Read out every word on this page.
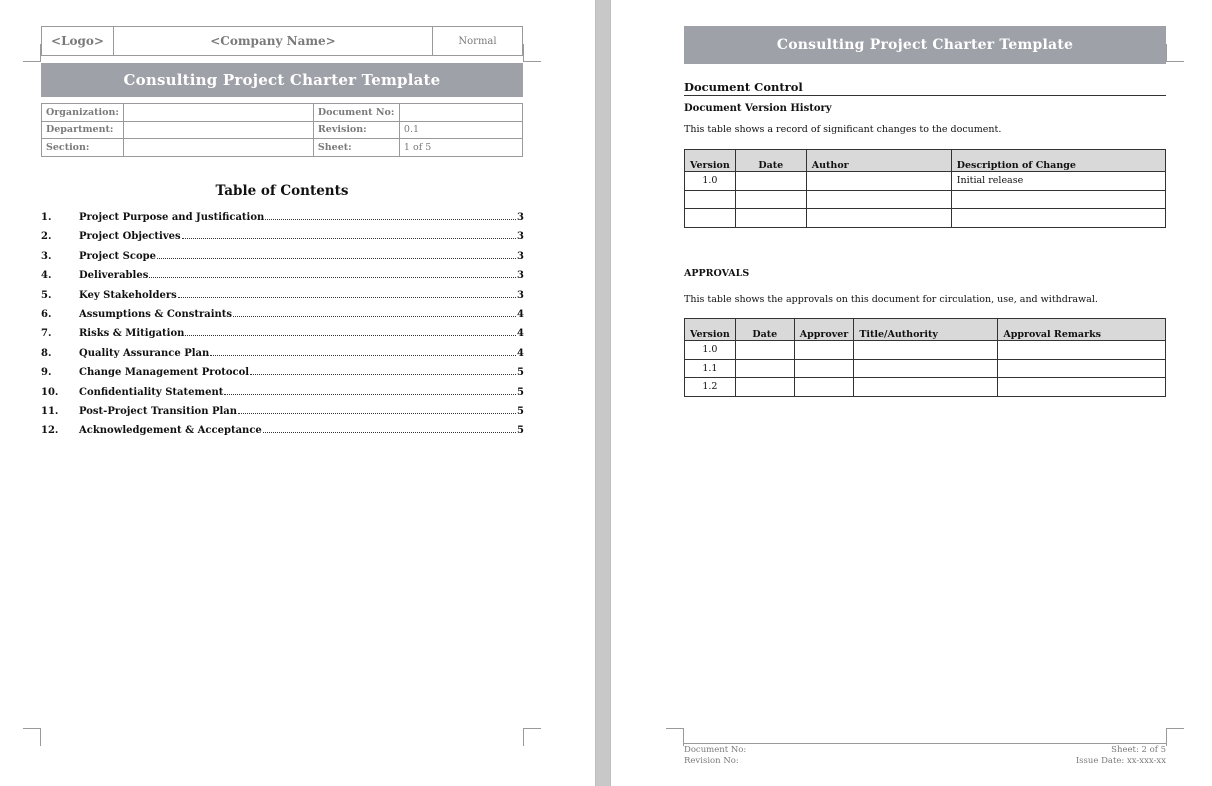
<Logo>	<Company Name>	Normal
Consulting Project Charter Template
Organization:		Document No:	
Department:		Revision:	0.1
Section:		Sheet:	1 of 5
Table of Contents
1.	Project Purpose and Justification	3
2.	Project Objectives	3
3.	Project Scope	3
4.	Deliverables	3
5.	Key Stakeholders	3
6.	Assumptions & Constraints	4
7.	Risks & Mitigation	4
8.	Quality Assurance Plan	4
9.	Change Management Protocol	5
10.	Confidentiality Statement	5
11.	Post-Project Transition Plan	5
12.	Acknowledgement & Acceptance	5
Consulting Project Charter Template
Document Control
Document Version History
This table shows a record of significant changes to the document.
Version	Date	Author	Description of Change
1.0			Initial release

APPROVALS
This table shows the approvals on this document for circulation, use, and withdrawal.
Version	Date	Approver	Title/Authority	Approval Remarks
1.0				
1.1				
1.2				
Document No:
Revision No:
Sheet: 2 of 5
Issue Date: xx-xxx-xx
